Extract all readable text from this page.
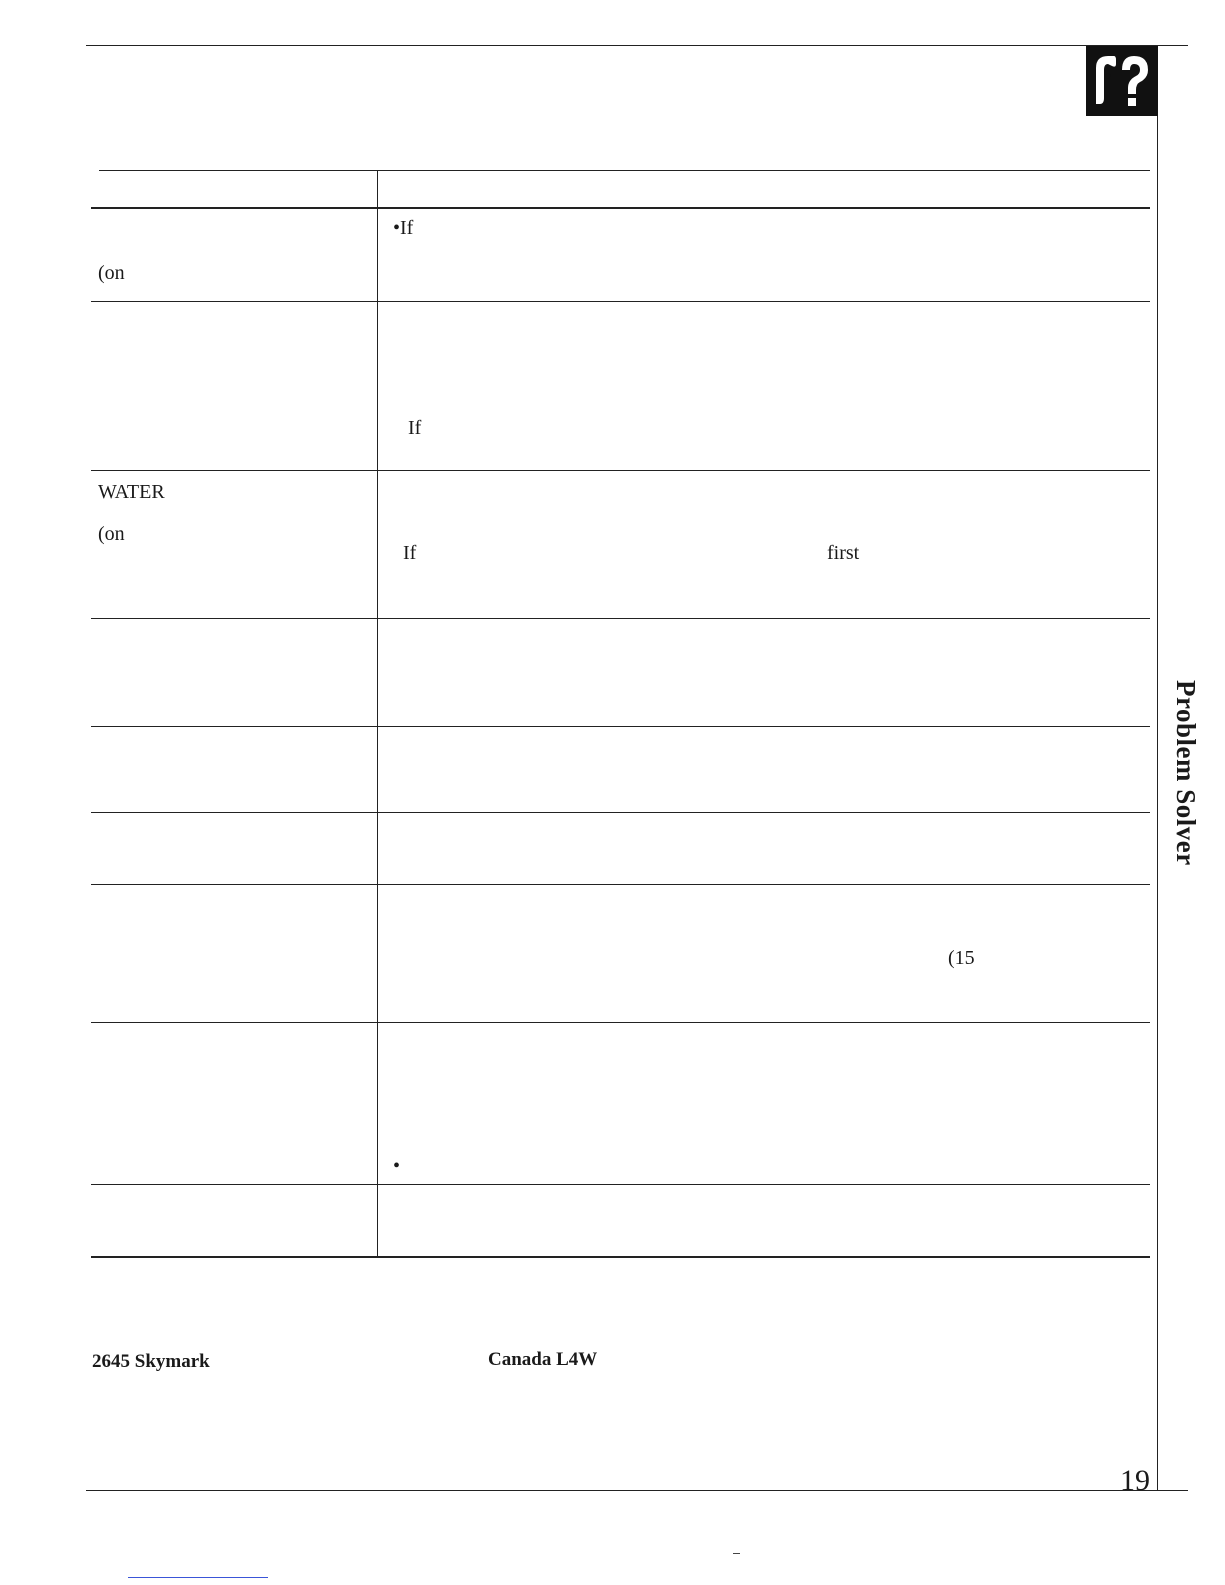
(on
WATER
(on
•If
If
If	first
(15
•
2645 Skymark	Canada L4W
Problem Solver
19
